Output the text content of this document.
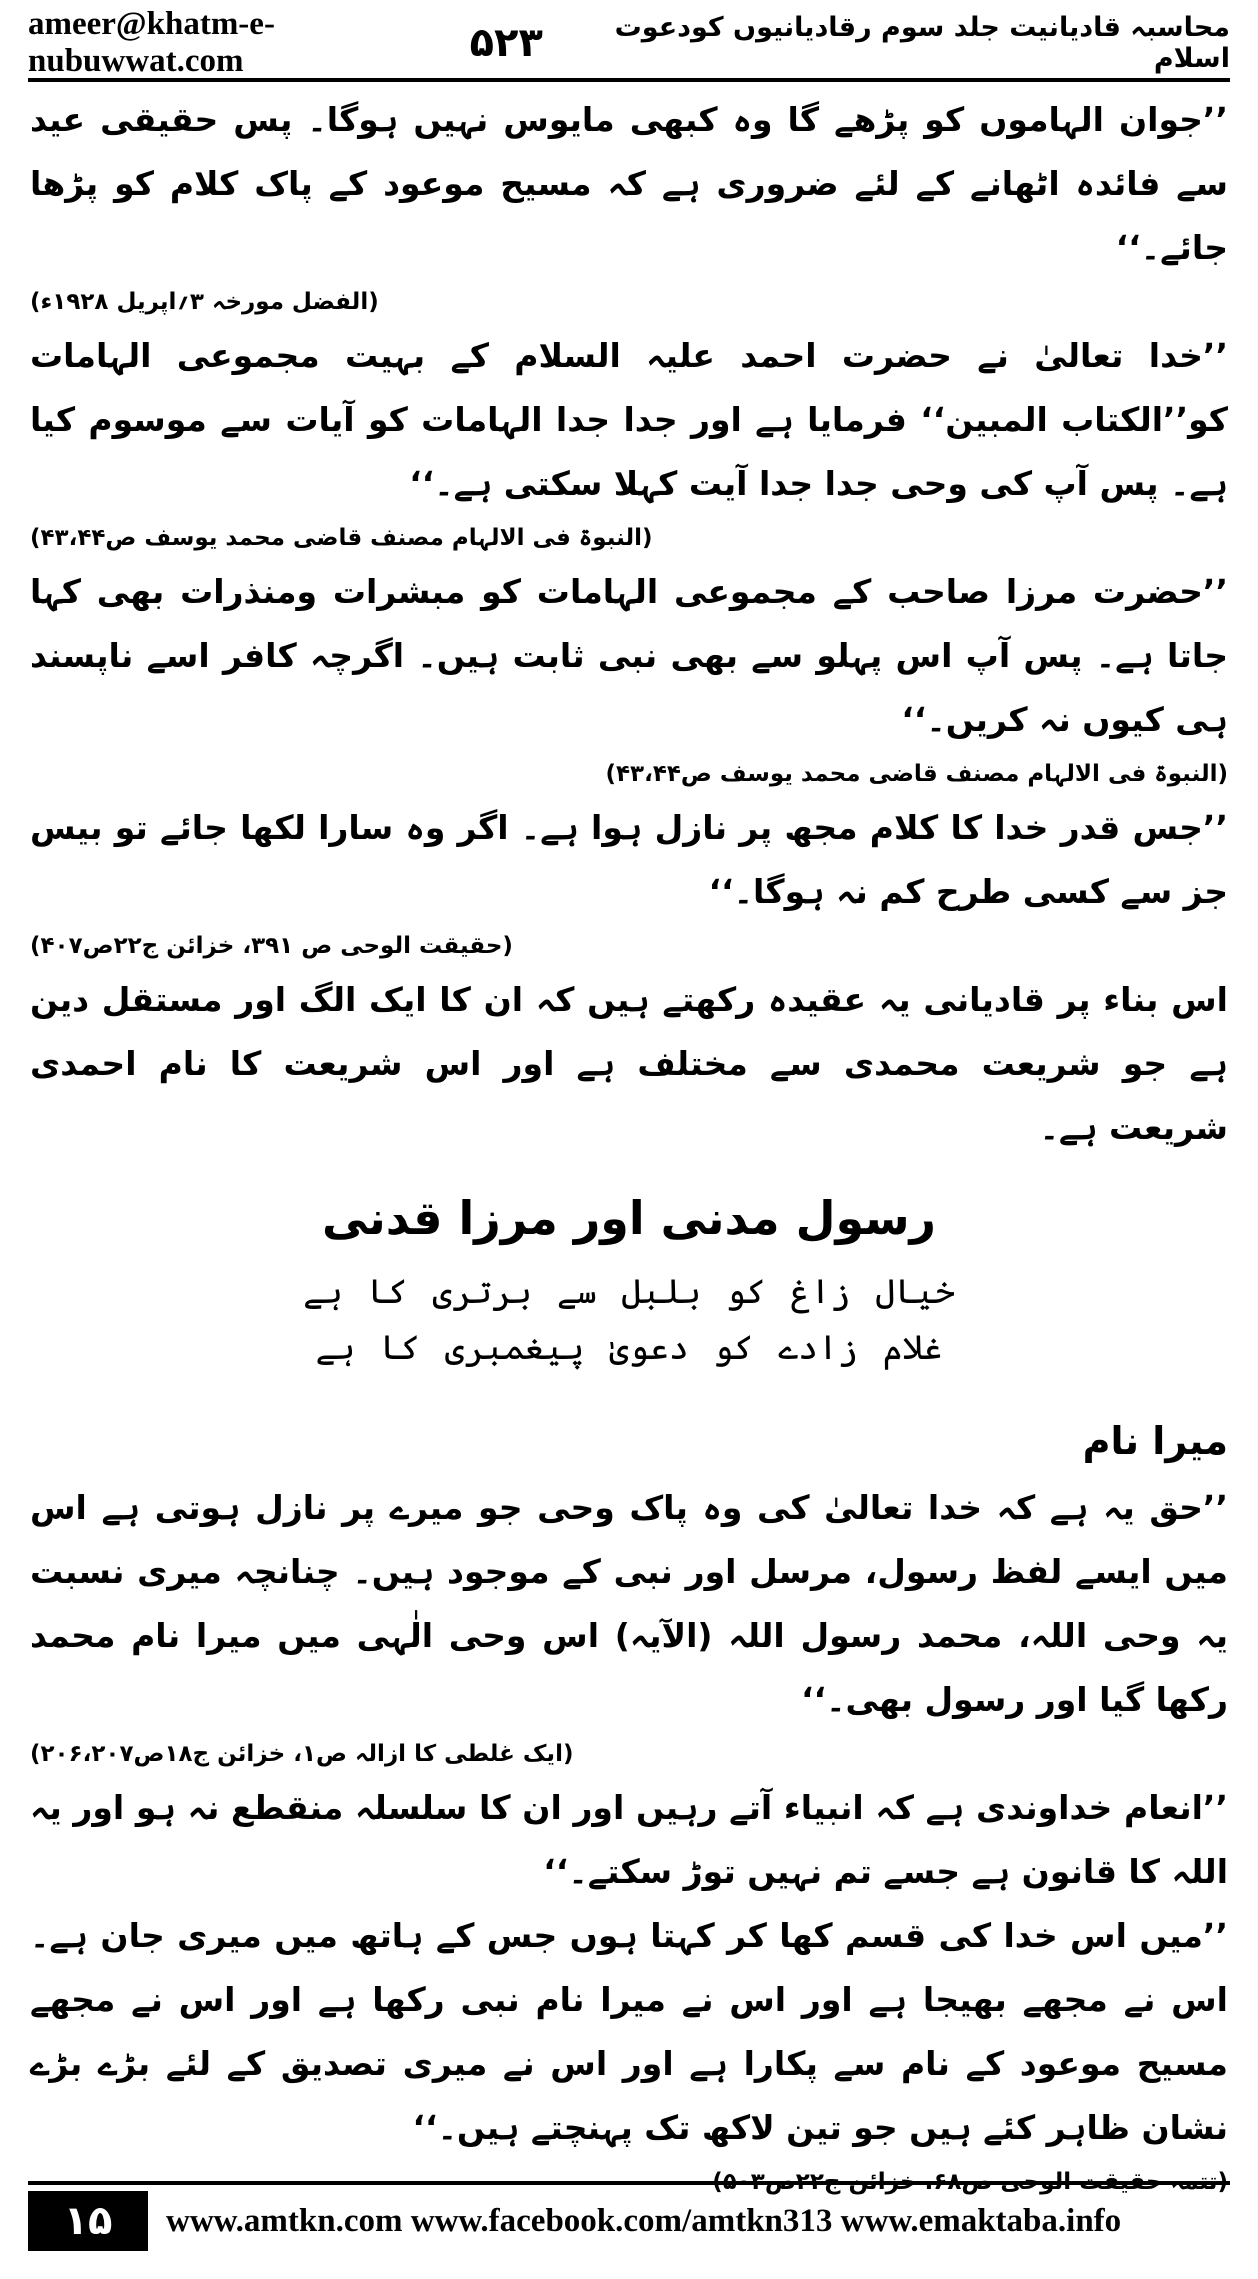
ameer@khatm-e-nubuwwat.com
محاسبہ قادیانیت جلد سوم رقادیانیوں کودعوت اسلام
۵۲۳

’’جوان الہاموں کو پڑھے گا وہ کبھی مایوس نہیں ہوگا۔ پس حقیقی عید سے فائدہ اٹھانے کے لئے ضروری ہے کہ مسیح موعود کے پاک کلام کو پڑھا جائے۔‘‘

(الفضل مورخہ ۳؍اپریل ۱۹۲۸ء)

’’خدا تعالیٰ نے حضرت احمد علیہ السلام کے بہیت مجموعی الہامات کو’’الکتاب المبین‘‘ فرمایا ہے اور جدا جدا الہامات کو آیات سے موسوم کیا ہے۔ پس آپ کی وحی جدا جدا آیت کہلا سکتی ہے۔‘‘

(النبوۃ فی الالہام مصنف قاضی محمد یوسف ص۴۳،۴۴)

’’حضرت مرزا صاحب کے مجموعی الہامات کو مبشرات ومنذرات بھی کہا جاتا ہے۔ پس آپ اس پہلو سے بھی نبی ثابت ہیں۔ اگرچہ کافر اسے ناپسند ہی کیوں نہ کریں۔‘‘

(النبوۃ فی الالہام مصنف قاضی محمد یوسف ص۴۳،۴۴)

’’جس قدر خدا کا کلام مجھ پر نازل ہوا ہے۔ اگر وہ سارا لکھا جائے تو بیس جز سے کسی طرح کم نہ ہوگا۔‘‘

(حقیقت الوحی ص ۳۹۱، خزائن ج۲۲ص۴۰۷)

اس بناء پر قادیانی یہ عقیدہ رکھتے ہیں کہ ان کا ایک الگ اور مستقل دین ہے جو شریعت محمدی سے مختلف ہے اور اس شریعت کا نام احمدی شریعت ہے۔

رسول مدنی اور مرزا قدنی

خیال زاغ کو بلبل سے برتری کا ہے

غلام زادے کو دعویٰ پیغمبری کا ہے

میرا نام

’’حق یہ ہے کہ خدا تعالیٰ کی وہ پاک وحی جو میرے پر نازل ہوتی ہے اس میں ایسے لفظ رسول، مرسل اور نبی کے موجود ہیں۔ چنانچہ میری نسبت یہ وحی اللہ، محمد رسول اللہ (الآیہ) اس وحی الٰہی میں میرا نام محمد رکھا گیا اور رسول بھی۔‘‘

(ایک غلطی کا ازالہ ص۱، خزائن ج۱۸ص۲۰۶،۲۰۷)

’’انعام خداوندی ہے کہ انبیاء آتے رہیں اور ان کا سلسلہ منقطع نہ ہو اور یہ اللہ کا قانون ہے جسے تم نہیں توڑ سکتے۔‘‘

’’میں اس خدا کی قسم کھا کر کہتا ہوں جس کے ہاتھ میں میری جان ہے۔ اس نے مجھے بھیجا ہے اور اس نے میرا نام نبی رکھا ہے اور اس نے مجھے مسیح موعود کے نام سے پکارا ہے اور اس نے میری تصدیق کے لئے بڑے بڑے نشان ظاہر کئے ہیں جو تین لاکھ تک پہنچتے ہیں۔‘‘

(تتمہ حقیقت الوحی ص۶۸، خزائن ج۲۲ص۵۰۳)

۱۵	www.amtkn.com www.facebook.com/amtkn313 www.emaktaba.info
